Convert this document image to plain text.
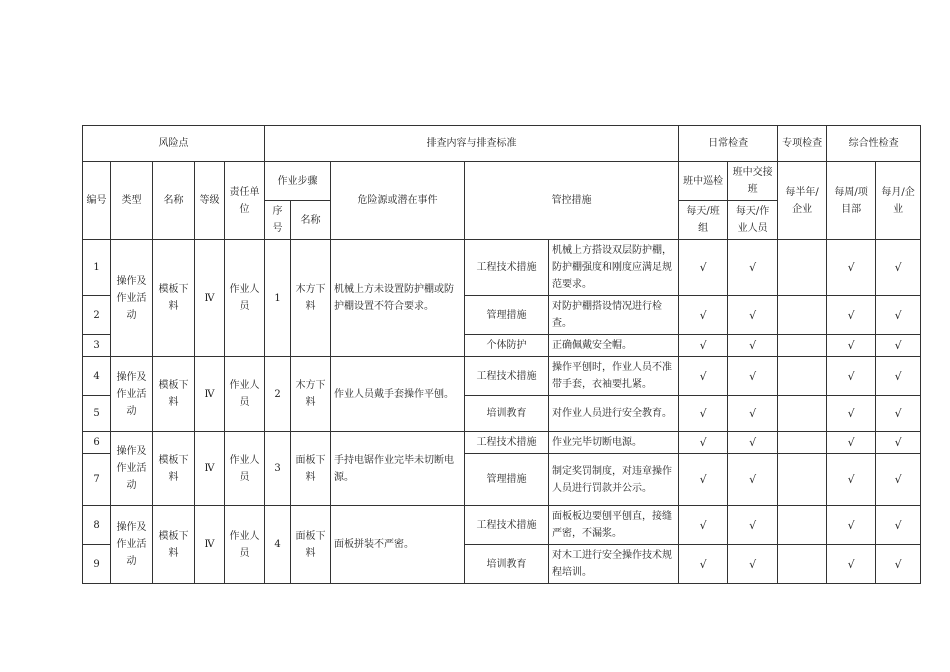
风险点					排查内容与排查标准					日常检查		专项检查	综合性检查	
编号	类型	名称	等级	责任单位	作业步骤		危险源或潜在事件	管控措施		班中巡检	班中交接班	每半年/企业	每周/项目部	每月/企业
					序号	名称				每天/班组	每天/作业人员			
1	操作及作业活动	模板下料	Ⅳ	作业人员	1	木方下料	机械上方未设置防护棚或防护棚设置不符合要求。	工程技术措施	机械上方搭设双层防护棚，防护棚强度和刚度应满足规范要求。	√	√		√	√
2								管理措施	对防护棚搭设情况进行检查。	√	√		√	√
3								个体防护	正确佩戴安全帽。	√	√		√	√
4	操作及作业活动	模板下料	Ⅳ	作业人员	2	木方下料	作业人员戴手套操作平刨。	工程技术措施	操作平刨时，作业人员不准带手套，衣袖要扎紧。	√	√		√	√
5								培训教育	对作业人员进行安全教育。	√	√		√	√
6	操作及作业活动	模板下料	Ⅳ	作业人员	3	面板下料	手持电锯作业完毕未切断电源。	工程技术措施	作业完毕切断电源。	√	√		√	√
7								管理措施	制定奖罚制度，对违章操作人员进行罚款并公示。	√	√		√	√
8	操作及作业活动	模板下料	Ⅳ	作业人员	4	面板下料	面板拼装不严密。	工程技术措施	面板板边要刨平刨直，接缝严密，不漏浆。	√	√		√	√
9								培训教育	对木工进行安全操作技术规程培训。	√	√		√	√
